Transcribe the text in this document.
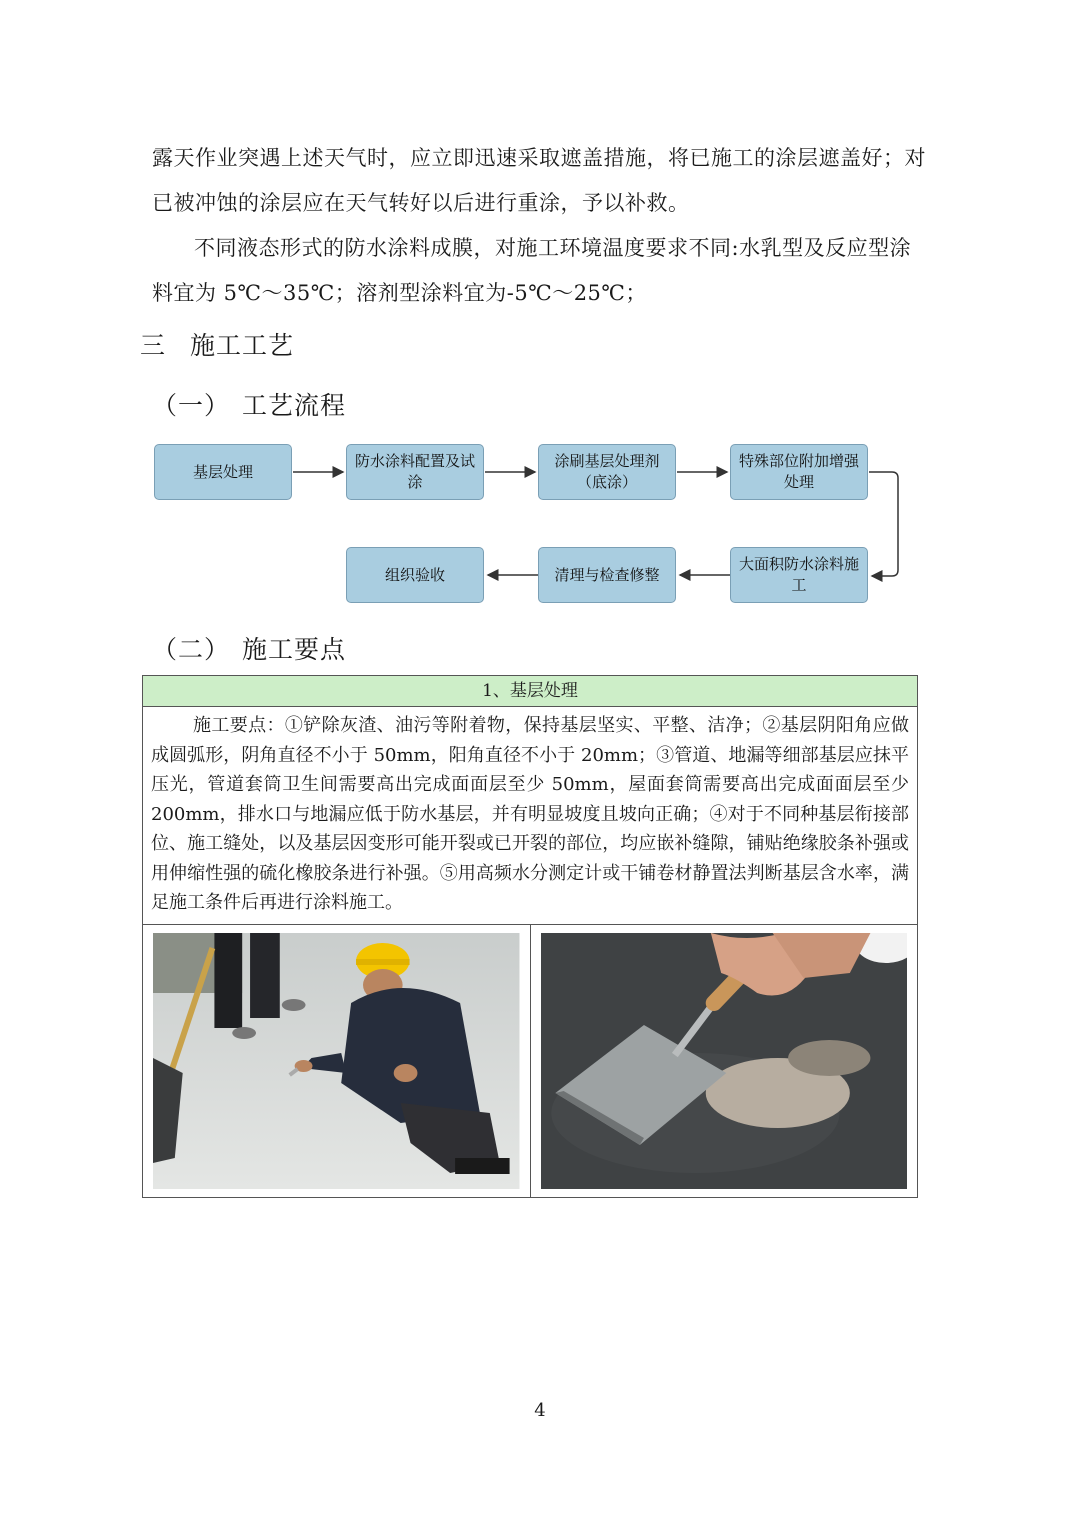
露天作业突遇上述天气时，应立即迅速采取遮盖措施，将已施工的涂层遮盖好；对
已被冲蚀的涂层应在天气转好以后进行重涂，予以补救。
不同液态形式的防水涂料成膜，对施工环境温度要求不同:水乳型及反应型涂
料宜为 5℃～35℃；溶剂型涂料宜为-5℃～25℃；
三 施工工艺
（一） 工艺流程
基层处理
防水涂料配置及试
涂
涂刷基层处理剂
（底涂）
特殊部位附加增强
处理
组织验收	清理与检查修整
大面积防水涂料施
工
（二） 施工要点
1、基层处理
施工要点：①铲除灰渣、油污等附着物，保持基层坚实、平整、洁净；②基层阴阳角应做成圆弧形，阴角直径不小于 50mm，阳角直径不小于 20mm；③管道、地漏等细部基层应抹平压光，管道套筒卫生间需要高出完成面面层至少 50mm，屋面套筒需要高出完成面面层至少 200mm，排水口与地漏应低于防水基层，并有明显坡度且坡向正确；④对于不同种基层衔接部位、施工缝处，以及基层因变形可能开裂或已开裂的部位，均应嵌补缝隙，铺贴绝缘胶条补强或用伸缩性强的硫化橡胶条进行补强。⑤用高频水分测定计或干铺卷材静置法判断基层含水率，满足施工条件后再进行涂料施工。
4
